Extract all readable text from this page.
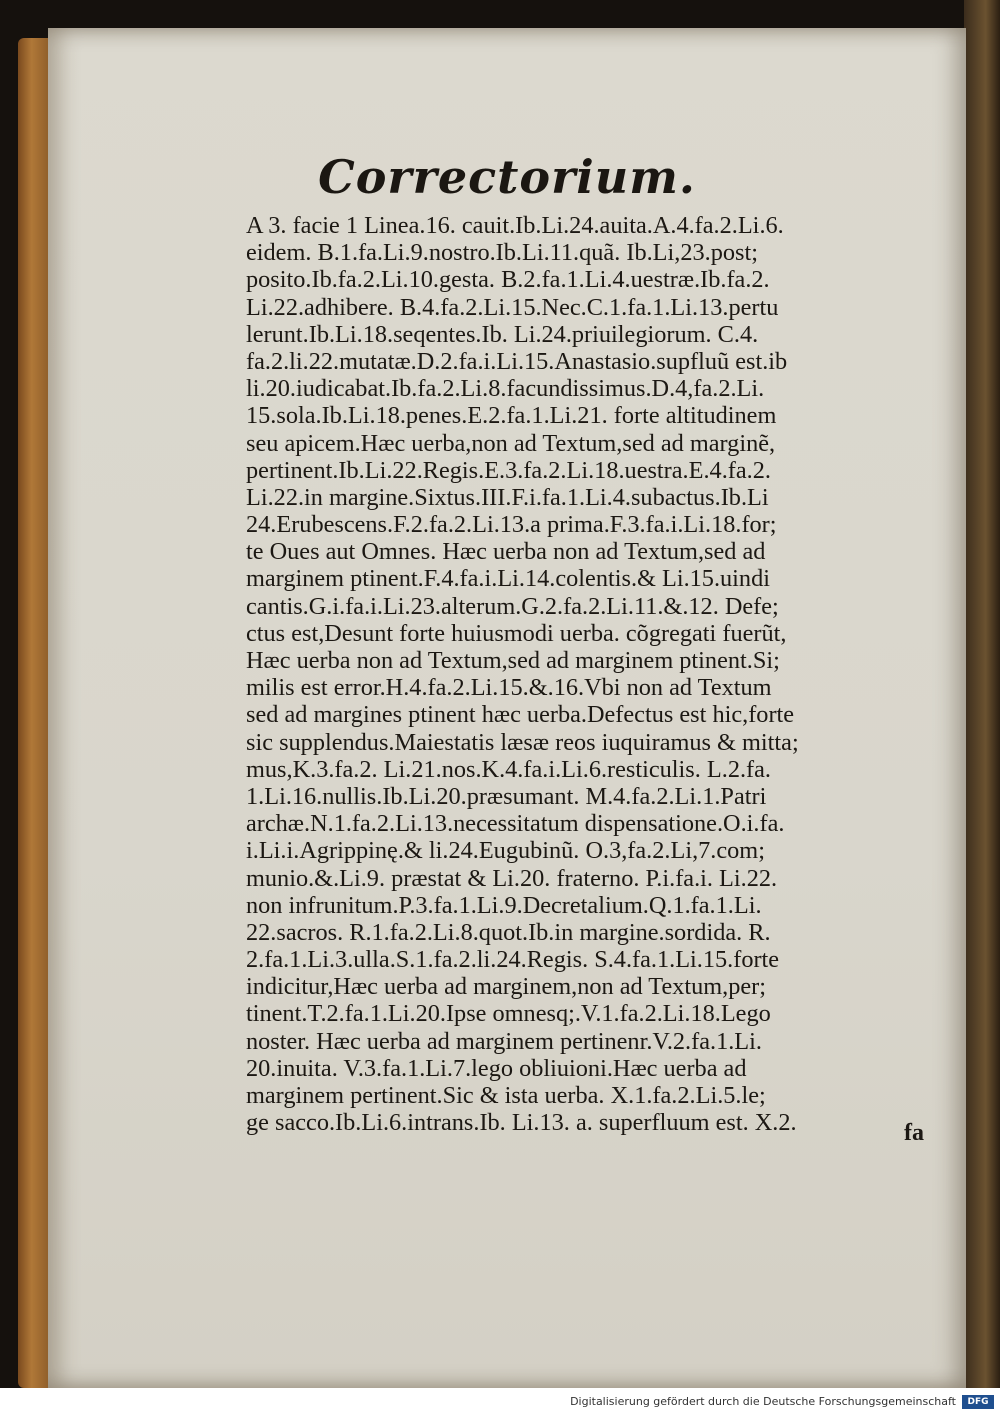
Correctorium.
A 3. facie 1 Linea.16. cauit.Ib.Li.24.auita.A.4.fa.2.Li.6.
eidem. B.1.fa.Li.9.nostro.Ib.Li.11.quã. Ib.Li,23.post;
posito.Ib.fa.2.Li.10.gesta. B.2.fa.1.Li.4.uestræ.Ib.fa.2.
Li.22.adhibere. B.4.fa.2.Li.15.Nec.C.1.fa.1.Li.13.pertu
lerunt.Ib.Li.18.seqentes.Ib. Li.24.priuilegiorum. C.4.
fa.2.li.22.mutatæ.D.2.fa.i.Li.15.Anastasio.supfluũ est.ib
li.20.iudicabat.Ib.fa.2.Li.8.facundissimus.D.4,fa.2.Li.
15.sola.Ib.Li.18.penes.E.2.fa.1.Li.21. forte altitudinem
seu apicem.Hæc uerba,non ad Textum,sed ad marginẽ,
pertinent.Ib.Li.22.Regis.E.3.fa.2.Li.18.uestra.E.4.fa.2.
Li.22.in margine.Sixtus.III.F.i.fa.1.Li.4.subactus.Ib.Li
24.Erubescens.F.2.fa.2.Li.13.a prima.F.3.fa.i.Li.18.for;
te Oues aut Omnes. Hæc uerba non ad Textum,sed ad
marginem ptinent.F.4.fa.i.Li.14.colentis.& Li.15.uindi
cantis.G.i.fa.i.Li.23.alterum.G.2.fa.2.Li.11.&.12. Defe;
ctus est,Desunt forte huiusmodi uerba. cõgregati fuerũt,
Hæc uerba non ad Textum,sed ad marginem ptinent.Si;
milis est error.H.4.fa.2.Li.15.&.16.Vbi non ad Textum
sed ad margines ptinent hæc uerba.Defectus est hic,forte
sic supplendus.Maiestatis læsæ reos iuquiramus & mitta;
mus,K.3.fa.2. Li.21.nos.K.4.fa.i.Li.6.resticulis. L.2.fa.
1.Li.16.nullis.Ib.Li.20.præsumant. M.4.fa.2.Li.1.Patri
archæ.N.1.fa.2.Li.13.necessitatum dispensatione.O.i.fa.
i.Li.i.Agrippinę.& li.24.Eugubinũ. O.3,fa.2.Li,7.com;
munio.&.Li.9. præstat & Li.20. fraterno. P.i.fa.i. Li.22.
non infrunitum.P.3.fa.1.Li.9.Decretalium.Q.1.fa.1.Li.
22.sacros. R.1.fa.2.Li.8.quot.Ib.in margine.sordida. R.
2.fa.1.Li.3.ulla.S.1.fa.2.li.24.Regis. S.4.fa.1.Li.15.forte
indicitur,Hæc uerba ad marginem,non ad Textum,per;
tinent.T.2.fa.1.Li.20.Ipse omnesq;.V.1.fa.2.Li.18.Lego
noster. Hæc uerba ad marginem pertinenr.V.2.fa.1.Li.
20.inuita. V.3.fa.1.Li.7.lego obliuioni.Hæc uerba ad
marginem pertinent.Sic & ista uerba. X.1.fa.2.Li.5.le;
ge sacco.Ib.Li.6.intrans.Ib. Li.13. a. superfluum est. X.2.	fa
Digitalisierung gefördert durch die Deutsche Forschungsgemeinschaft	DFG
